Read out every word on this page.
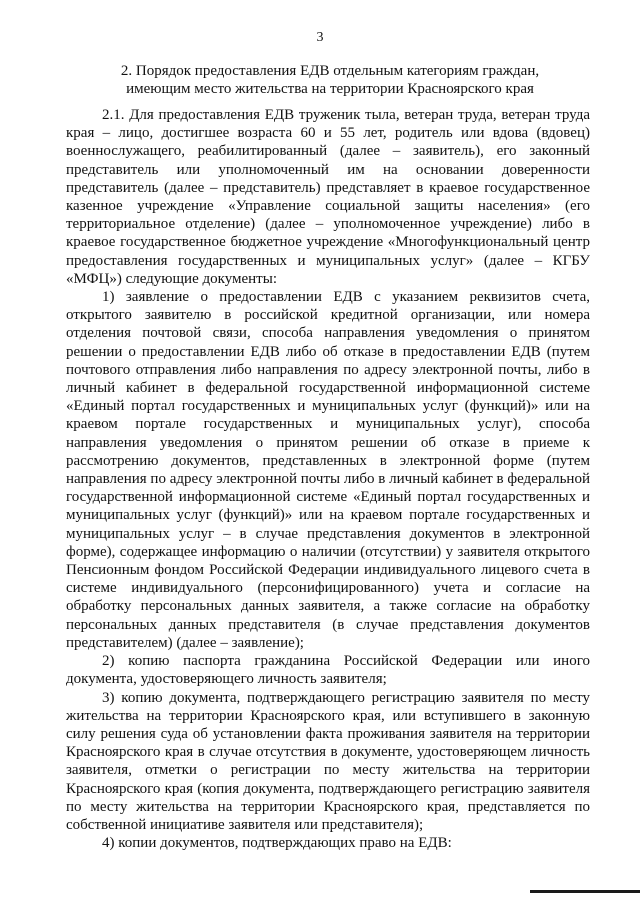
3
2. Порядок предоставления ЕДВ отдельным категориям граждан,
имеющим место жительства на территории Красноярского края

2.1. Для предоставления ЕДВ труженик тыла, ветеран труда, ветеран труда края – лицо, достигшее возраста 60 и 55 лет, родитель или вдова (вдовец) военнослужащего, реабилитированный (далее – заявитель), его законный представитель или уполномоченный им на основании доверенности представитель (далее – представитель) представляет в краевое государственное казенное учреждение «Управление социальной защиты населения» (его территориальное отделение) (далее – уполномоченное учреждение) либо в краевое государственное бюджетное учреждение «Многофункциональный центр предоставления государственных и муниципальных услуг» (далее – КГБУ «МФЦ») следующие документы:

1) заявление о предоставлении ЕДВ с указанием реквизитов счета, открытого заявителю в российской кредитной организации, или номера отделения почтовой связи, способа направления уведомления о принятом решении о предоставлении ЕДВ либо об отказе в предоставлении ЕДВ (путем почтового отправления либо направления по адресу электронной почты, либо в личный кабинет в федеральной государственной информационной системе «Единый портал государственных и муниципальных услуг (функций)» или на краевом портале государственных и муниципальных услуг), способа направления уведомления о принятом решении об отказе в приеме к рассмотрению документов, представленных в электронной форме (путем направления по адресу электронной почты либо в личный кабинет в федеральной государственной информационной системе «Единый портал государственных и муниципальных услуг (функций)» или на краевом портале государственных и муниципальных услуг – в случае представления документов в электронной форме), содержащее информацию о наличии (отсутствии) у заявителя открытого Пенсионным фондом Российской Федерации индивидуального лицевого счета в системе индивидуального (персонифицированного) учета и согласие на обработку персональных данных заявителя, а также согласие на обработку персональных данных представителя (в случае представления документов представителем) (далее – заявление);

2) копию паспорта гражданина Российской Федерации или иного документа, удостоверяющего личность заявителя;

3) копию документа, подтверждающего регистрацию заявителя по месту жительства на территории Красноярского края, или вступившего в законную силу решения суда об установлении факта проживания заявителя на территории Красноярского края в случае отсутствия в документе, удостоверяющем личность заявителя, отметки о регистрации по месту жительства на территории Красноярского края (копия документа, подтверждающего регистрацию заявителя по месту жительства на территории Красноярского края, представляется по собственной инициативе заявителя или представителя);

4) копии документов, подтверждающих право на ЕДВ:
